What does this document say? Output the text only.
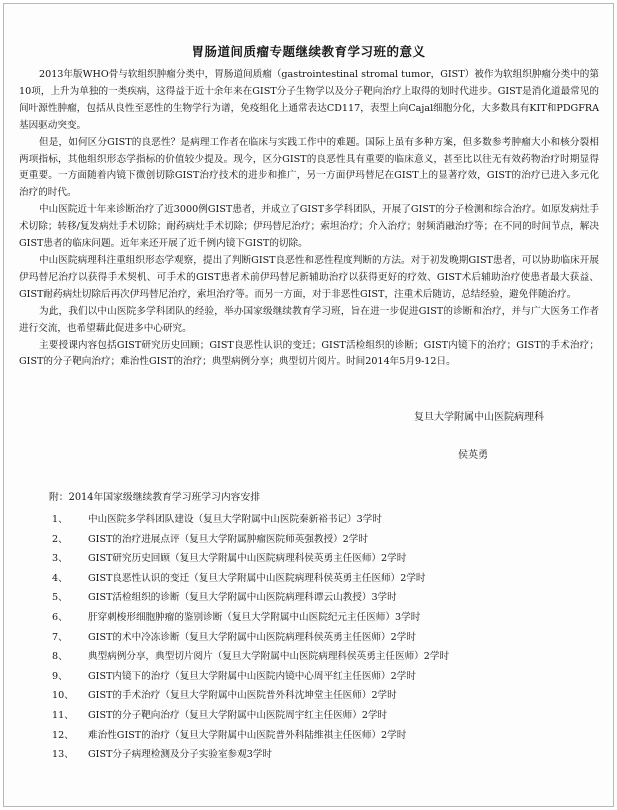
胃肠道间质瘤专题继续教育学习班的意义

2013年版WHO骨与软组织肿瘤分类中，胃肠道间质瘤（gastrointestinal stromal tumor，GIST）被作为软组织肿瘤分类中的第10项，上升为单独的一类疾病，这得益于近十余年来在GIST分子生物学以及分子靶向治疗上取得的划时代进步。GIST是消化道最常见的间叶源性肿瘤，包括从良性至恶性的生物学行为谱，免疫组化上通常表达CD117，表型上向Cajal细胞分化，大多数具有KIT和PDGFRA基因驱动突变。

但是，如何区分GIST的良恶性？是病理工作者在临床与实践工作中的难题。国际上虽有多种方案，但多数参考肿瘤大小和核分裂相两项指标，其他组织形态学指标的价值较少提及。现今，区分GIST的良恶性具有重要的临床意义，甚至比以往无有效药物治疗时期显得更重要。一方面随着内镜下微创切除GIST治疗技术的进步和推广，另一方面伊玛替尼在GIST上的显著疗效，GIST的治疗已进入多元化治疗的时代。

中山医院近十年来诊断治疗了近3000例GIST患者，并成立了GIST多学科团队，开展了GIST的分子检测和综合治疗。如原发病灶手术切除；转移/复发病灶手术切除；耐药病灶手术切除；伊玛替尼治疗；索坦治疗；介入治疗；射频消融治疗等；在不同的时间节点，解决GIST患者的临床问题。近年来还开展了近千例内镜下GIST的切除。

中山医院病理科注重组织形态学观察，提出了判断GIST良恶性和恶性程度判断的方法。对于初发晚期GIST患者，可以协助临床开展伊玛替尼治疗以获得手术契机、可手术的GIST患者术前伊玛替尼新辅助治疗以获得更好的疗效、GIST术后辅助治疗使患者最大获益、GIST耐药病灶切除后再次伊玛替尼治疗，索坦治疗等。而另一方面，对于非恶性GIST，注重术后随访，总结经验，避免伴随治疗。

为此，我们以中山医院多学科团队的经验，举办国家级继续教育学习班，旨在进一步促进GIST的诊断和治疗，并与广大医务工作者进行交流，也希望藉此促进多中心研究。

主要授课内容包括GIST研究历史回顾；GIST良恶性认识的变迁；GIST活检组织的诊断；GIST内镜下的治疗；GIST的手术治疗；GIST的分子靶向治疗；难治性GIST的治疗；典型病例分享；典型切片阅片。时间2014年5月9-12日。

复旦大学附属中山医院病理科
侯英勇
附：2014年国家级继续教育学习班学习内容安排
1、 中山医院多学科团队建设（复旦大学附属中山医院秦新裕书记）3学时
2、 GIST的治疗进展点评（复旦大学附属肿瘤医院师英强教授）2学时
3、 GIST研究历史回顾（复旦大学附属中山医院病理科侯英勇主任医师）2学时
4、 GIST良恶性认识的变迁（复旦大学附属中山医院病理科侯英勇主任医师）2学时
5、 GIST活检组织的诊断（复旦大学附属中山医院病理科谭云山教授）3学时
6、 肝穿刺梭形细胞肿瘤的鉴别诊断（复旦大学附属中山医院纪元主任医师）3学时
7、 GIST的术中冷冻诊断（复旦大学附属中山医院病理科侯英勇主任医师）2学时
8、 典型病例分享，典型切片阅片（复旦大学附属中山医院病理科侯英勇主任医师）2学时
9、 GIST内镜下的治疗（复旦大学附属中山医院内镜中心周平红主任医师）2学时
10、 GIST的手术治疗（复旦大学附属中山医院普外科沈坤堂主任医师）2学时
11、 GIST的分子靶向治疗（复旦大学附属中山医院周宇红主任医师）2学时
12、 难治性GIST的治疗（复旦大学附属中山医院普外科陆维祺主任医师）2学时
13、 GIST分子病理检测及分子实验室参观3学时
